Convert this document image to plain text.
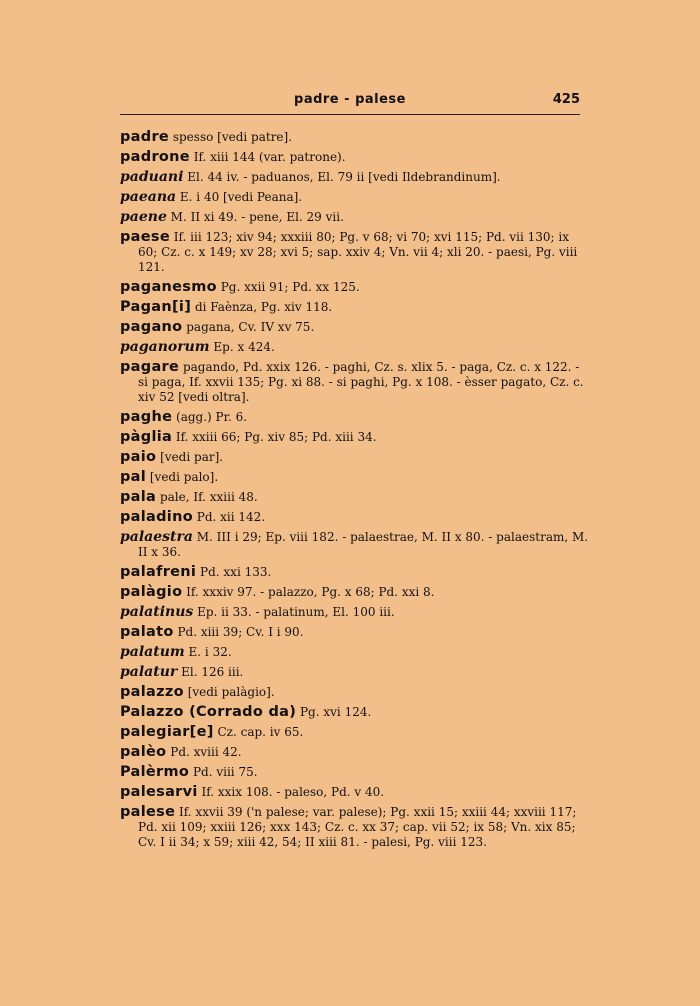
padre - palese	425
padre spesso [vedi patre].
padrone If. xiii 144 (var. patrone).
paduani El. 44 iv. - paduanos, El. 79 ii [vedi Ildebrandinum].
paeana E. i 40 [vedi Peana].
paene M. II xi 49. - pene, El. 29 vii.
paese If. iii 123; xiv 94; xxxiii 80; Pg. v 68; vi 70; xvi 115; Pd. vii 130; ix 60; Cz. c. x 149; xv 28; xvi 5; sap. xxiv 4; Vn. vii 4; xli 20. - paesi, Pg. viii 121.
paganesmo Pg. xxii 91; Pd. xx 125.
Pagan[i] di Faènza, Pg. xiv 118.
pagano pagana, Cv. IV xv 75.
paganorum Ep. x 424.
pagare pagando, Pd. xxix 126. - paghi, Cz. s. xlix 5. - paga, Cz. c. x 122. - si paga, If. xxvii 135; Pg. xi 88. - si paghi, Pg. x 108. - èsser pagato, Cz. c. xiv 52 [vedi oltra].
paghe (agg.) Pr. 6.
pàglia If. xxiii 66; Pg. xiv 85; Pd. xiii 34.
paio [vedi par].
pal [vedi palo].
pala pale, If. xxiii 48.
paladino Pd. xii 142.
palaestra M. III i 29; Ep. viii 182. - palaestrae, M. II x 80. - palaestram, M. II x 36.
palafreni Pd. xxi 133.
palàgio If. xxxiv 97. - palazzo, Pg. x 68; Pd. xxi 8.
palatinus Ep. ii 33. - palatinum, El. 100 iii.
palato Pd. xiii 39; Cv. I i 90.
palatum E. i 32.
palatur El. 126 iii.
palazzo [vedi palàgio].
Palazzo (Corrado da) Pg. xvi 124.
palegiar[e] Cz. cap. iv 65.
palèo Pd. xviii 42.
Palèrmo Pd. viii 75.
palesarvi If. xxix 108. - paleso, Pd. v 40.
palese If. xxvii 39 ('n palese; var. palese); Pg. xxii 15; xxiii 44; xxviii 117; Pd. xii 109; xxiii 126; xxx 143; Cz. c. xx 37; cap. vii 52; ix 58; Vn. xix 85; Cv. I ii 34; x 59; xiii 42, 54; II xiii 81. - palesi, Pg. viii 123.
